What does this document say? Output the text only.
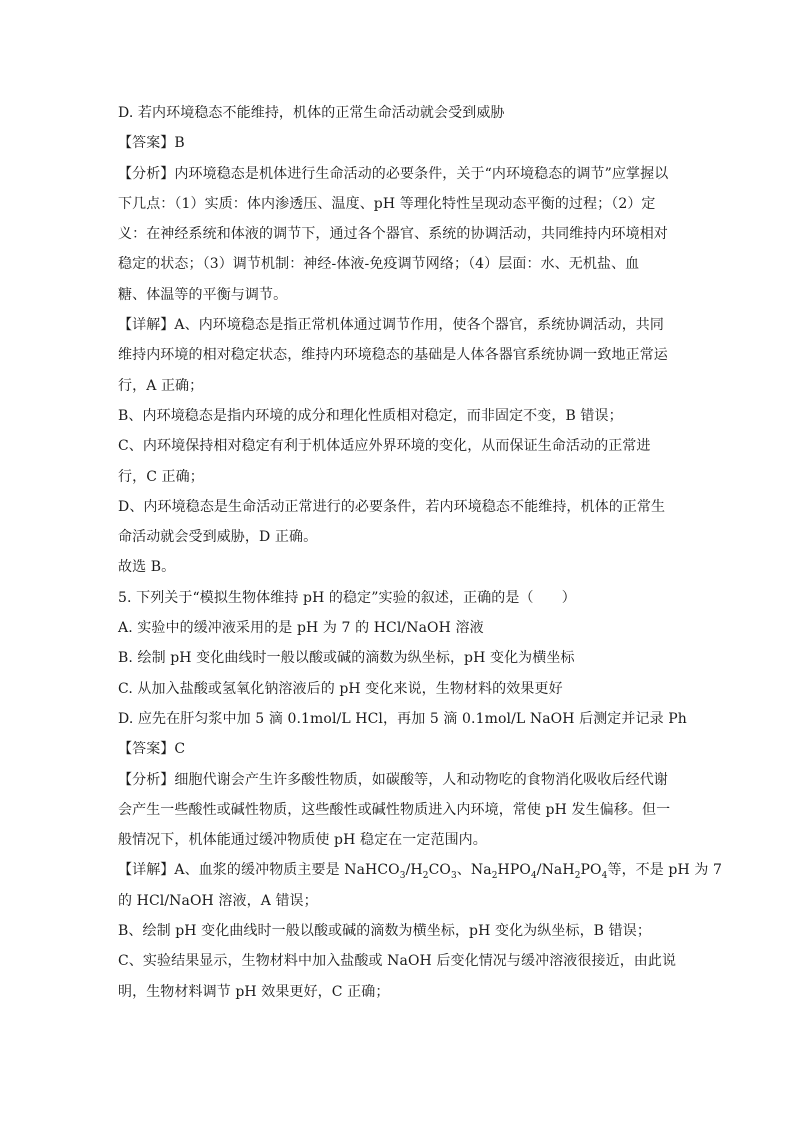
D. 若内环境稳态不能维持，机体的正常生命活动就会受到威胁
【答案】B
【分析】内环境稳态是机体进行生命活动的必要条件，关于“内环境稳态的调节”应掌握以
下几点：（1）实质：体内渗透压、温度、pH 等理化特性呈现动态平衡的过程；（2）定
义：在神经系统和体液的调节下，通过各个器官、系统的协调活动，共同维持内环境相对
稳定的状态；（3）调节机制：神经-体液-免疫调节网络；（4）层面：水、无机盐、血
糖、体温等的平衡与调节。
【详解】A、内环境稳态是指正常机体通过调节作用，使各个器官，系统协调活动，共同
维持内环境的相对稳定状态，维持内环境稳态的基础是人体各器官系统协调一致地正常运
行，A 正确；
B、内环境稳态是指内环境的成分和理化性质相对稳定，而非固定不变，B 错误；
C、内环境保持相对稳定有利于机体适应外界环境的变化，从而保证生命活动的正常进
行，C 正确；
D、内环境稳态是生命活动正常进行的必要条件，若内环境稳态不能维持，机体的正常生
命活动就会受到威胁，D 正确。
故选 B。
5. 下列关于“模拟生物体维持 pH 的稳定”实验的叙述，正确的是（　　）
A. 实验中的缓冲液采用的是 pH 为 7 的 HCl/NaOH 溶液
B. 绘制 pH 变化曲线时一般以酸或碱的滴数为纵坐标，pH 变化为横坐标
C. 从加入盐酸或氢氧化钠溶液后的 pH 变化来说，生物材料的效果更好
D. 应先在肝匀浆中加 5 滴 0.1mol/L HCl，再加 5 滴 0.1mol/L NaOH 后测定并记录 Ph
【答案】C
【分析】细胞代谢会产生许多酸性物质，如碳酸等，人和动物吃的食物消化吸收后经代谢
会产生一些酸性或碱性物质，这些酸性或碱性物质进入内环境，常使 pH 发生偏移。但一
般情况下，机体能通过缓冲物质使 pH 稳定在一定范围内。
【详解】A、血浆的缓冲物质主要是 $NaHCO_3/H_2CO_3$、$Na_2HPO_4/NaH_2PO_4$等，不是 pH 为 7
的 HCl/NaOH 溶液，A 错误；
B、绘制 pH 变化曲线时一般以酸或碱的滴数为横坐标，pH 变化为纵坐标，B 错误；
C、实验结果显示，生物材料中加入盐酸或 NaOH 后变化情况与缓冲溶液很接近，由此说
明，生物材料调节 pH 效果更好，C 正确；
